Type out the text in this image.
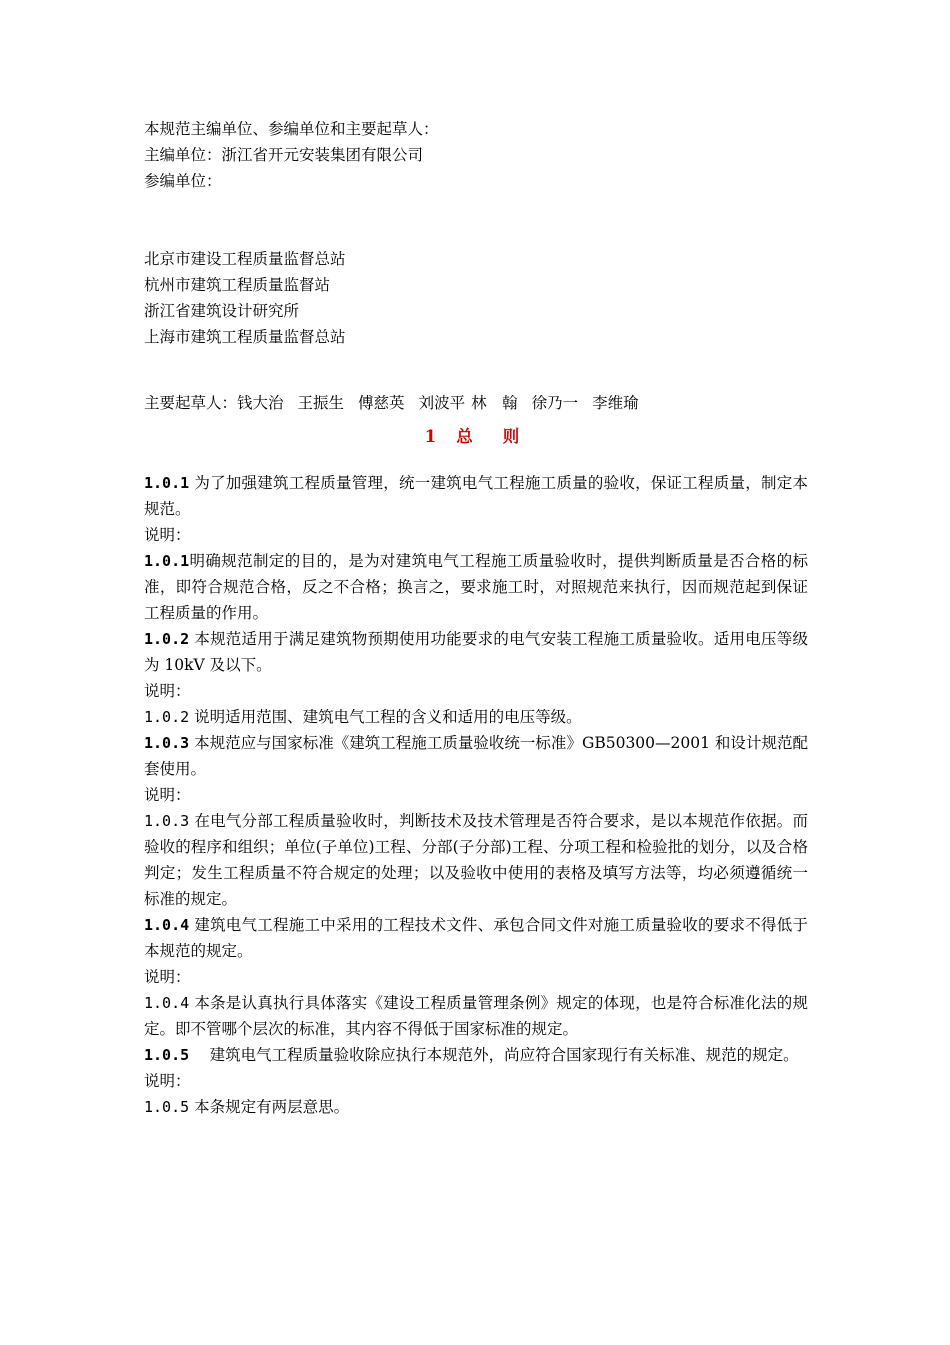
本规范主编单位、参编单位和主要起草人：
主编单位：浙江省开元安装集团有限公司
参编单位：
北京市建设工程质量监督总站
杭州市建筑工程质量监督站
浙江省建筑设计研究所
上海市建筑工程质量监督总站
主要起草人：钱大治 王振生 傅慈英 刘波平 林　翰 徐乃一 李维瑜
1 总 则
1.0.1 为了加强建筑工程质量管理，统一建筑电气工程施工质量的验收，保证工程质量，制定本规范。
说明：
1.0.1明确规范制定的目的，是为对建筑电气工程施工质量验收时，提供判断质量是否合格的标准，即符合规范合格，反之不合格；换言之，要求施工时，对照规范来执行，因而规范起到保证工程质量的作用。
1.0.2 本规范适用于满足建筑物预期使用功能要求的电气安装工程施工质量验收。适用电压等级为 10kV 及以下。
说明：
1.0.2 说明适用范围、建筑电气工程的含义和适用的电压等级。
1.0.3 本规范应与国家标准《建筑工程施工质量验收统一标准》GB50300—2001 和设计规范配套使用。
说明：
1.0.3 在电气分部工程质量验收时，判断技术及技术管理是否符合要求，是以本规范作依据。而验收的程序和组织；单位(子单位)工程、分部(子分部)工程、分项工程和检验批的划分，以及合格判定；发生工程质量不符合规定的处理；以及验收中使用的表格及填写方法等，均必须遵循统一标准的规定。
1.0.4 建筑电气工程施工中采用的工程技术文件、承包合同文件对施工质量验收的要求不得低于本规范的规定。
说明：
1.0.4 本条是认真执行具体落实《建设工程质量管理条例》规定的体现，也是符合标准化法的规定。即不管哪个层次的标准，其内容不得低于国家标准的规定。
1.0.5 　建筑电气工程质量验收除应执行本规范外，尚应符合国家现行有关标准、规范的规定。
说明：
1.0.5 本条规定有两层意思。
